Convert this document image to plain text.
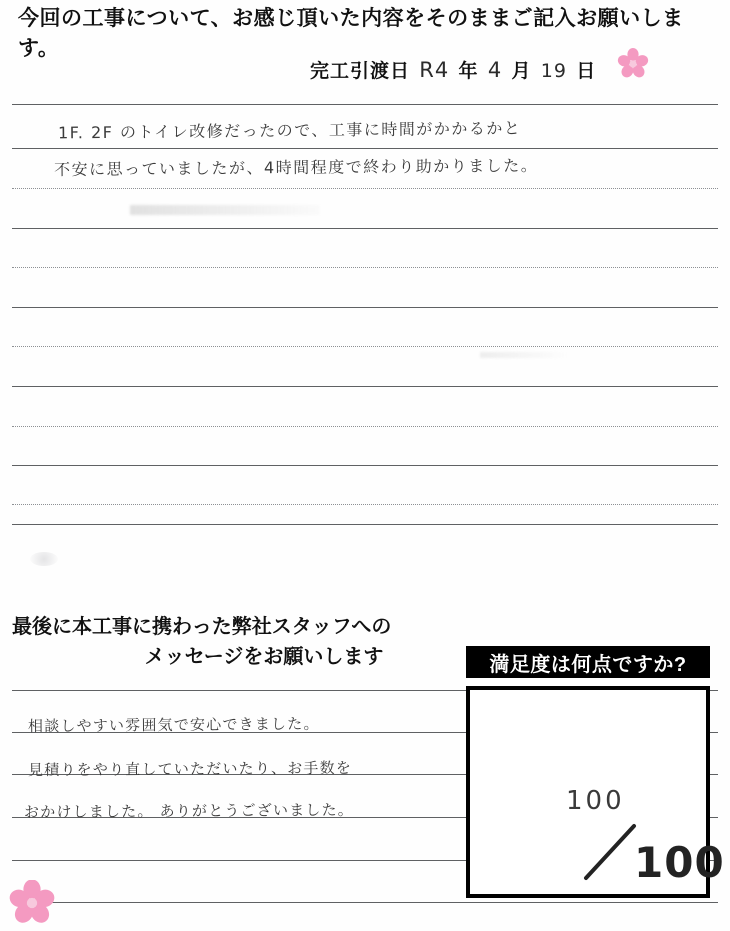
今回の工事について、お感じ頂いた内容をそのままご記入お願いします。
完工引渡日 R4 年 4 月 19 日
1F. 2F のトイレ改修だったので、工事に時間がかかるかと
不安に思っていましたが、4時間程度で終わり助かりました。
最後に本工事に携わった弊社スタッフへの
メッセージをお願いします	満足度は何点ですか?
相談しやすい雰囲気で安心できました。
見積りをやり直していただいたり、お手数を
おかけしました。 ありがとうございました。	100
100
